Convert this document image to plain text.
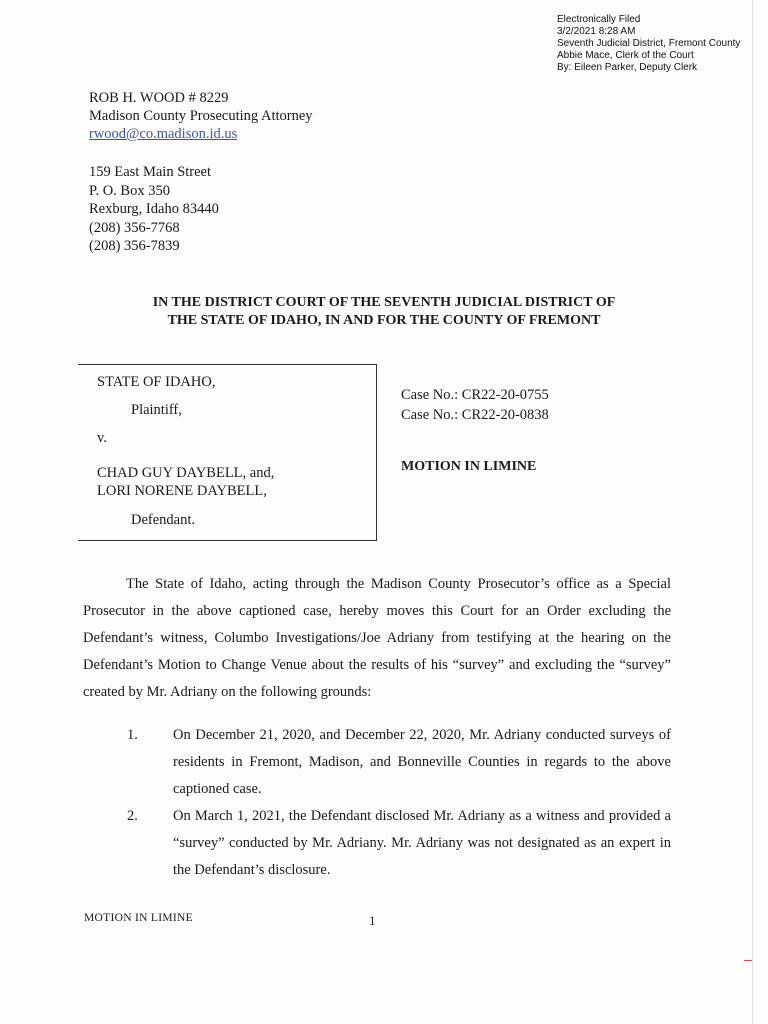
Electronically Filed
3/2/2021 8:28 AM
Seventh Judicial District, Fremont County
Abbie Mace, Clerk of the Court
By: Eileen Parker, Deputy Clerk
ROB H. WOOD # 8229
Madison County Prosecuting Attorney
rwood@co.madison.id.us
159 East Main Street
P. O. Box 350
Rexburg, Idaho 83440
(208) 356-7768
(208) 356-7839
IN THE DISTRICT COURT OF THE SEVENTH JUDICIAL DISTRICT OF
THE STATE OF IDAHO, IN AND FOR THE COUNTY OF FREMONT
STATE OF IDAHO,
Plaintiff,
v.
CHAD GUY DAYBELL, and,
LORI NORENE DAYBELL,
Defendant.
Case No.: CR22-20-0755
Case No.: CR22-20-0838
MOTION IN LIMINE
The State of Idaho, acting through the Madison County Prosecutor’s office as a Special Prosecutor in the above captioned case, hereby moves this Court for an Order excluding the Defendant’s witness, Columbo Investigations/Joe Adriany from testifying at the hearing on the Defendant’s Motion to Change Venue about the results of his “survey” and excluding the “survey” created by Mr. Adriany on the following grounds:
1. On December 21, 2020, and December 22, 2020, Mr. Adriany conducted surveys of residents in Fremont, Madison, and Bonneville Counties in regards to the above captioned case.
2. On March 1, 2021, the Defendant disclosed Mr. Adriany as a witness and provided a “survey” conducted by Mr. Adriany. Mr. Adriany was not designated as an expert in the Defendant’s disclosure.
MOTION IN LIMINE	1
